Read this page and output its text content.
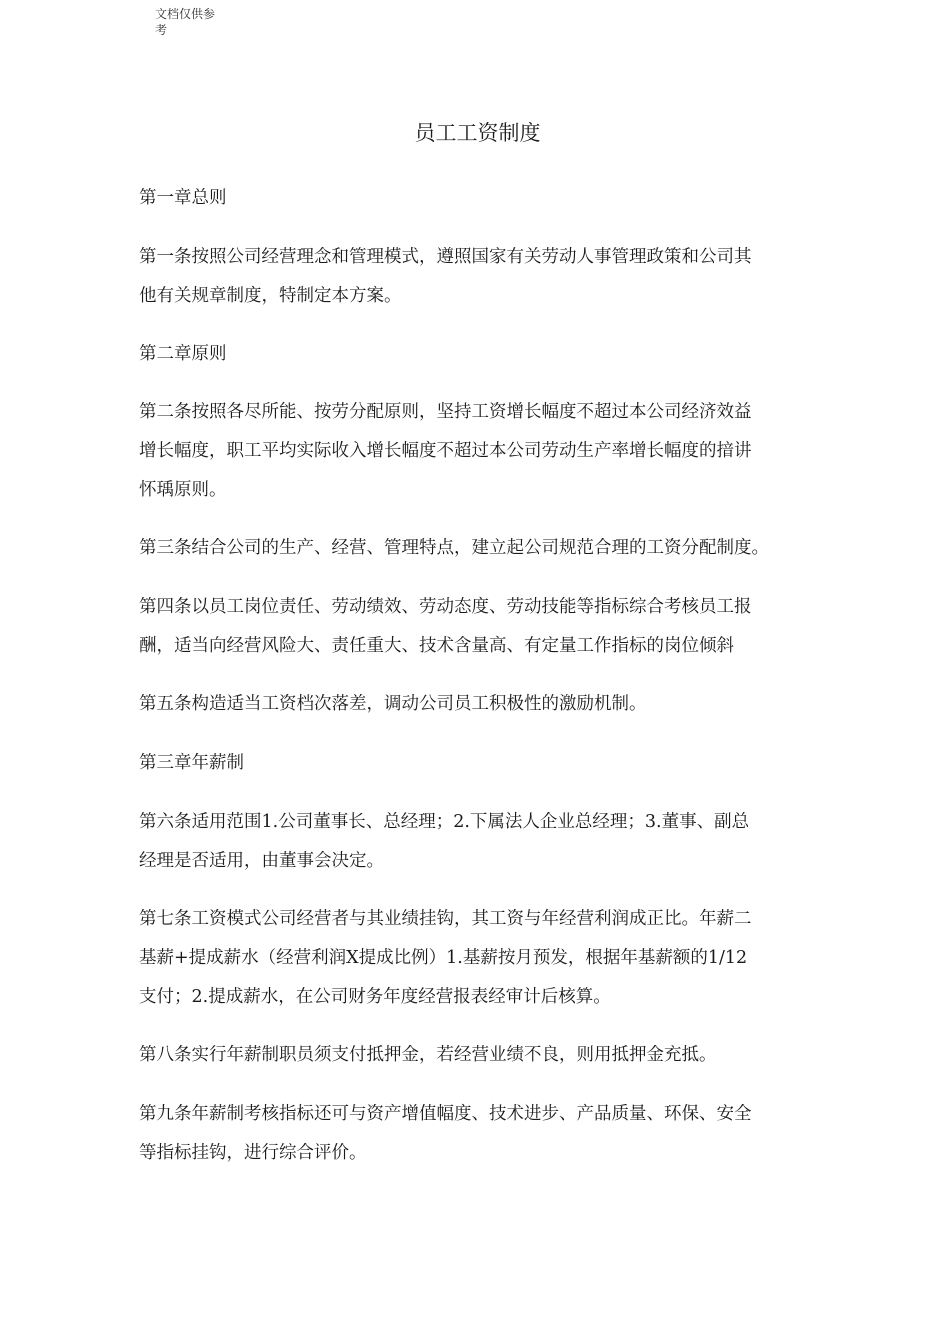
文档仅供参
考
员工工资制度

第一章总则

第一条按照公司经营理念和管理模式，遵照国家有关劳动人事管理政策和公司其
他有关规章制度，特制定本方案。

第二章原则

第二条按照各尽所能、按劳分配原则，坚持工资增长幅度不超过本公司经济效益
增长幅度，职工平均实际收入增长幅度不超过本公司劳动生产率增长幅度的揞讲
怀瑀原则。

第三条结合公司的生产、经营、管理特点，建立起公司规范合理的工资分配制度。

第四条以员工岗位责任、劳动绩效、劳动态度、劳动技能等指标综合考核员工报
酬，适当向经营风险大、责任重大、技术含量高、有定量工作指标的岗位倾斜

第五条构造适当工资档次落差，调动公司员工积极性的激励机制。

第三章年薪制

第六条适用范围1.公司董事长、总经理；2.下属法人企业总经理；3.董事、副总
经理是否适用，由董事会决定。

第七条工资模式公司经营者与其业绩挂钩，其工资与年经营利润成正比。年薪二
基薪+提成薪水（经营利润X提成比例）1.基薪按月预发，根据年基薪额的1/12
支付；2.提成薪水，在公司财务年度经营报表经审计后核算。

第八条实行年薪制职员须支付抵押金，若经营业绩不良，则用抵押金充抵。

第九条年薪制考核指标还可与资产增值幅度、技术进步、产品质量、环保、安全
等指标挂钩，进行综合评价。
